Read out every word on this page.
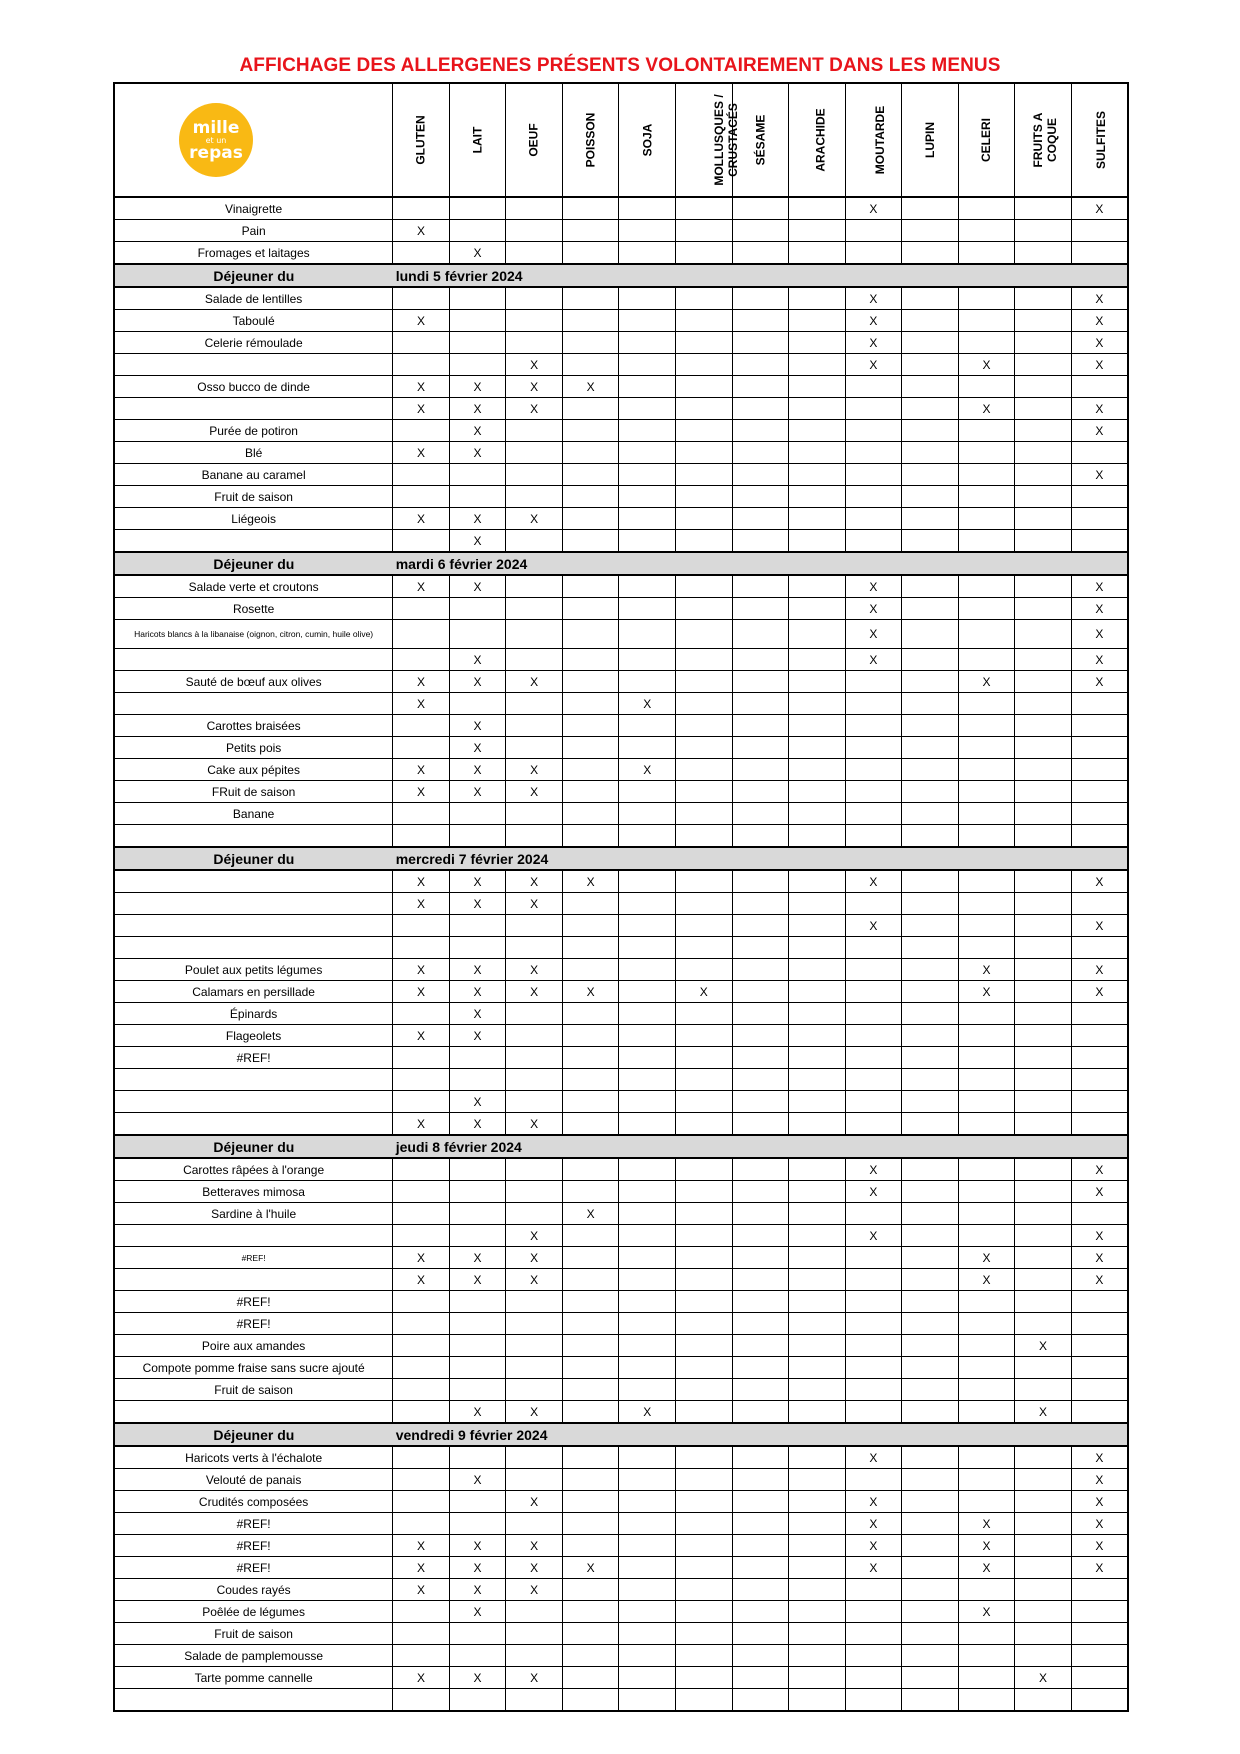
AFFICHAGE DES ALLERGENES PRÉSENTS VOLONTAIREMENT DANS LES MENUS
mille
et un
repas	GLUTEN	LAIT	OEUF	POISSON	SOJA	MOLLUSQUES / CRUSTACÉS	SÉSAME	ARACHIDE	MOUTARDE	LUPIN	CELERI	FRUITS A COQUE	SULFITES
Vinaigrette									X				X
Pain	X												
Fromages et laitages		X											
Déjeuner du	lundi 5 février 2024												
Salade de lentilles									X				X
Taboulé	X								X				X
Celerie rémoulade									X				X
			X						X		X		X
Osso bucco de dinde	X	X	X	X									
	X	X	X								X		X
Purée de potiron		X											X
Blé	X	X											
Banane au caramel													X
Fruit de saison													
Liégeois	X	X	X										
		X											
Déjeuner du	mardi 6 février 2024												
Salade verte et croutons	X	X							X				X
Rosette									X				X
Haricots blancs à la libanaise (oignon, citron, cumin, huile olive)									X				X
		X							X				X
Sauté de bœuf aux olives	X	X	X								X		X
	X				X								
Carottes braisées		X											
Petits pois		X											
Cake aux pépites	X	X	X		X								
FRuit de saison	X	X	X										
Banane													

Déjeuner du	mercredi 7 février 2024												
	X	X	X	X					X				X
	X	X	X										
									X				X

Poulet aux petits légumes	X	X	X								X		X
Calamars en persillade	X	X	X	X		X					X		X
Épinards		X											
Flageolets	X	X											
#REF!													

		X											
	X	X	X										
Déjeuner du	jeudi 8 février 2024												
Carottes râpées à l'orange									X				X
Betteraves mimosa									X				X
Sardine à l'huile				X									
			X						X				X
#REF!	X	X	X								X		X
	X	X	X								X		X
#REF!													
#REF!													
Poire aux amandes												X	
Compote pomme fraise sans sucre ajouté													
Fruit de saison													
		X	X		X							X	
Déjeuner du	vendredi 9 février 2024												
Haricots verts à l'échalote									X				X
Velouté de panais		X											X
Crudités composées			X						X				X
#REF!									X		X		X
#REF!	X	X	X						X		X		X
#REF!	X	X	X	X					X		X		X
Coudes rayés	X	X	X										
Poêlée de légumes		X									X		
Fruit de saison													
Salade de pamplemousse													
Tarte pomme cannelle	X	X	X									X	
